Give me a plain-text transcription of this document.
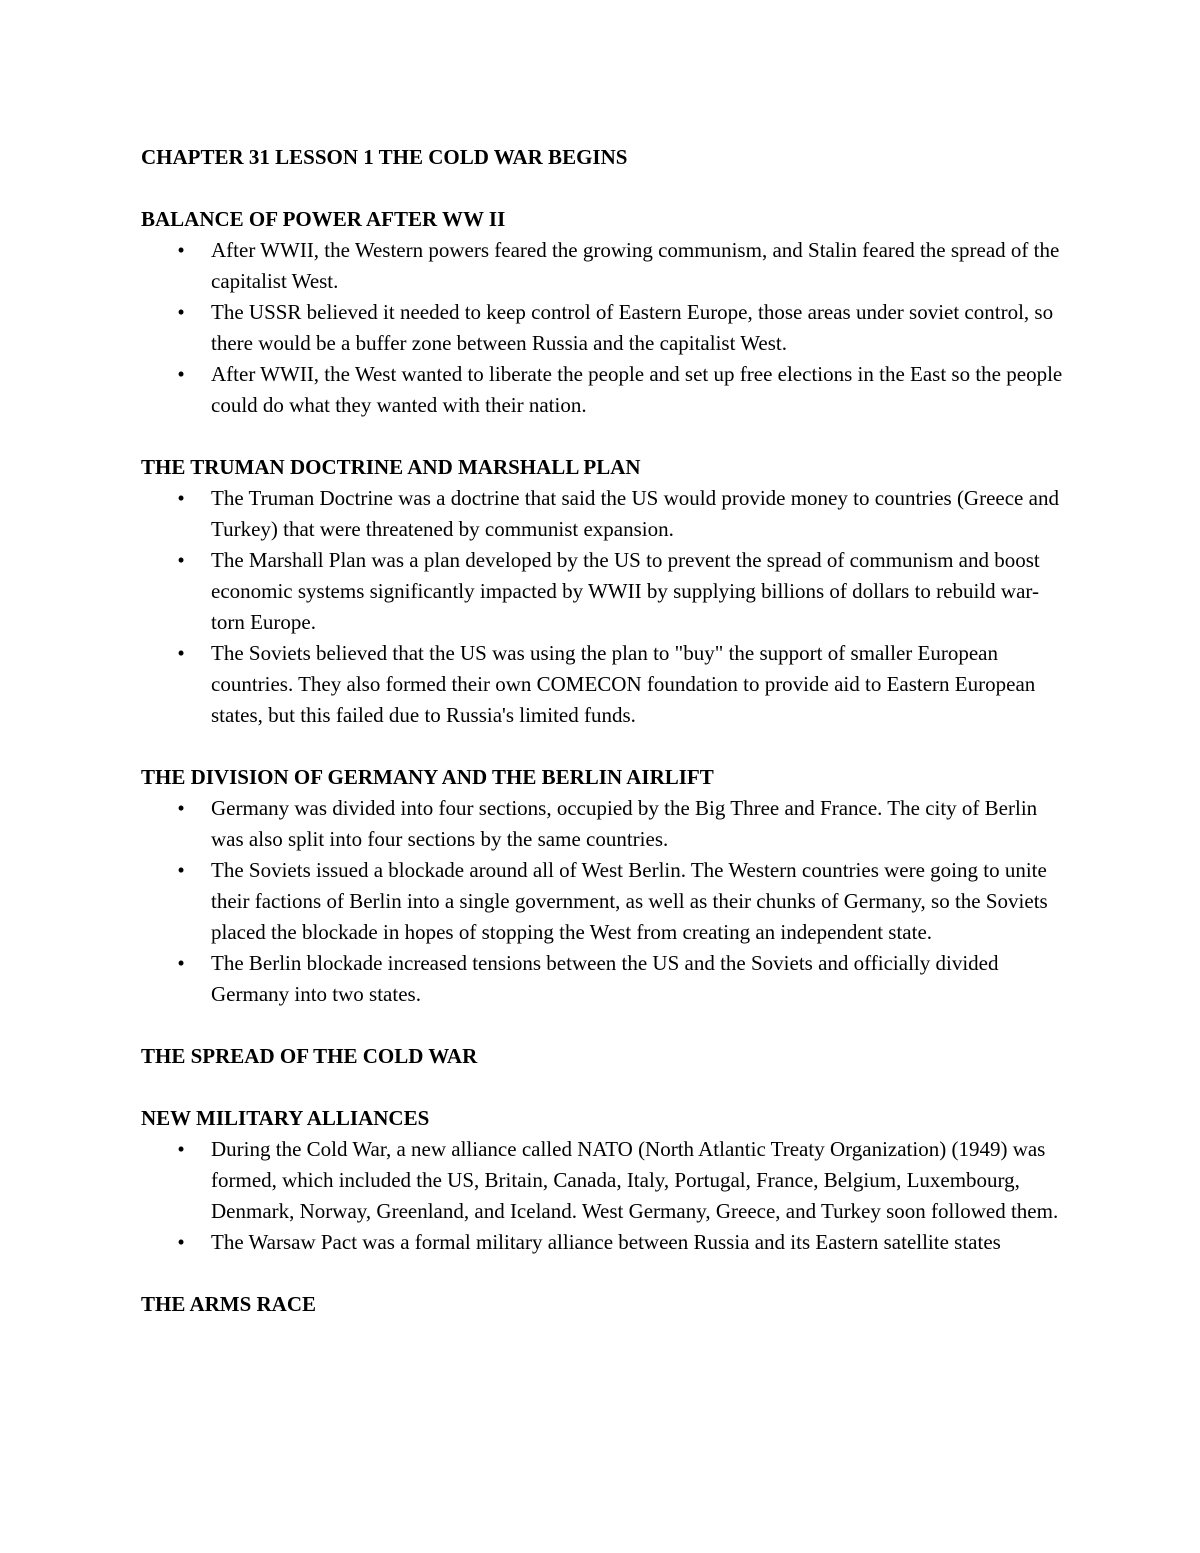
CHAPTER 31 LESSON 1 THE COLD WAR BEGINS

BALANCE OF POWER AFTER WW II

• After WWII, the Western powers feared the growing communism, and Stalin feared the spread of the capitalist West.
• The USSR believed it needed to keep control of Eastern Europe, those areas under soviet control, so there would be a buffer zone between Russia and the capitalist West.
• After WWII, the West wanted to liberate the people and set up free elections in the East so the people could do what they wanted with their nation.

THE TRUMAN DOCTRINE AND MARSHALL PLAN

• The Truman Doctrine was a doctrine that said the US would provide money to countries (Greece and Turkey) that were threatened by communist expansion.
• The Marshall Plan was a plan developed by the US to prevent the spread of communism and boost economic systems significantly impacted by WWII by supplying billions of dollars to rebuild war-torn Europe.
• The Soviets believed that the US was using the plan to "buy" the support of smaller European countries. They also formed their own COMECON foundation to provide aid to Eastern European states, but this failed due to Russia's limited funds.

THE DIVISION OF GERMANY AND THE BERLIN AIRLIFT

• Germany was divided into four sections, occupied by the Big Three and France. The city of Berlin was also split into four sections by the same countries.
• The Soviets issued a blockade around all of West Berlin. The Western countries were going to unite their factions of Berlin into a single government, as well as their chunks of Germany, so the Soviets placed the blockade in hopes of stopping the West from creating an independent state.
• The Berlin blockade increased tensions between the US and the Soviets and officially divided Germany into two states.

THE SPREAD OF THE COLD WAR

NEW MILITARY ALLIANCES

• During the Cold War, a new alliance called NATO (North Atlantic Treaty Organization) (1949) was formed, which included the US, Britain, Canada, Italy, Portugal, France, Belgium, Luxembourg, Denmark, Norway, Greenland, and Iceland. West Germany, Greece, and Turkey soon followed them.
• The Warsaw Pact was a formal military alliance between Russia and its Eastern satellite states

THE ARMS RACE
